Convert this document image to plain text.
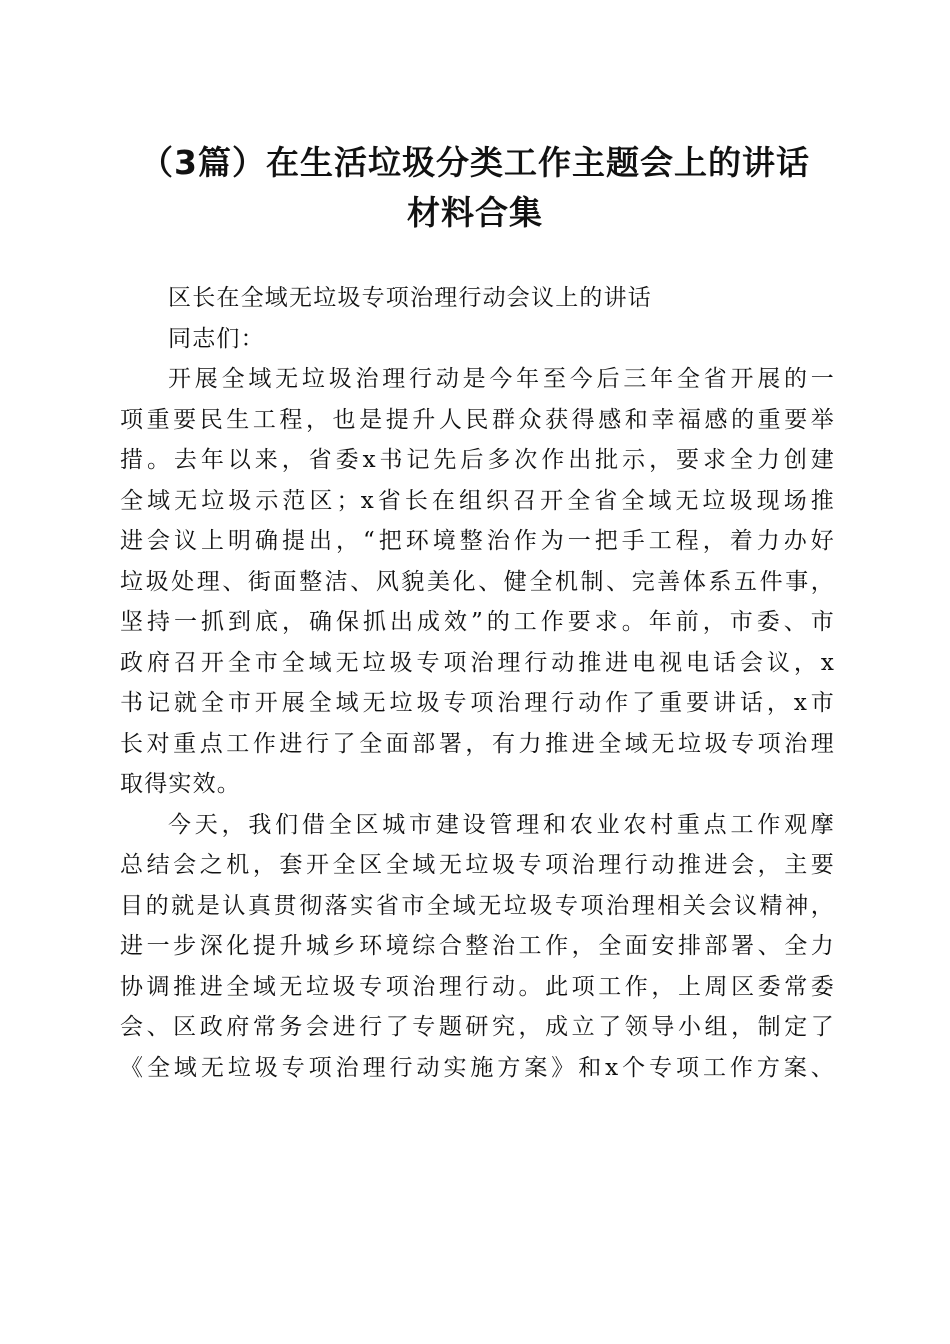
（3篇）在生活垃圾分类工作主题会上的讲话
材料合集
区长在全域无垃圾专项治理行动会议上的讲话
同志们：
开展全域无垃圾治理行动是今年至今后三年全省开展的一
项重要民生工程，也是提升人民群众获得感和幸福感的重要举
措。去年以来，省委x书记先后多次作出批示，要求全力创建
全域无垃圾示范区；x省长在组织召开全省全域无垃圾现场推
进会议上明确提出，“把环境整治作为一把手工程，着力办好
垃圾处理、街面整洁、风貌美化、健全机制、完善体系五件事，
坚持一抓到底，确保抓出成效”的工作要求。年前，市委、市
政府召开全市全域无垃圾专项治理行动推进电视电话会议，x
书记就全市开展全域无垃圾专项治理行动作了重要讲话，x市
长对重点工作进行了全面部署，有力推进全域无垃圾专项治理
取得实效。
今天，我们借全区城市建设管理和农业农村重点工作观摩
总结会之机，套开全区全域无垃圾专项治理行动推进会，主要
目的就是认真贯彻落实省市全域无垃圾专项治理相关会议精神，
进一步深化提升城乡环境综合整治工作，全面安排部署、全力
协调推进全域无垃圾专项治理行动。此项工作，上周区委常委
会、区政府常务会进行了专题研究，成立了领导小组，制定了
《全域无垃圾专项治理行动实施方案》和x个专项工作方案、
